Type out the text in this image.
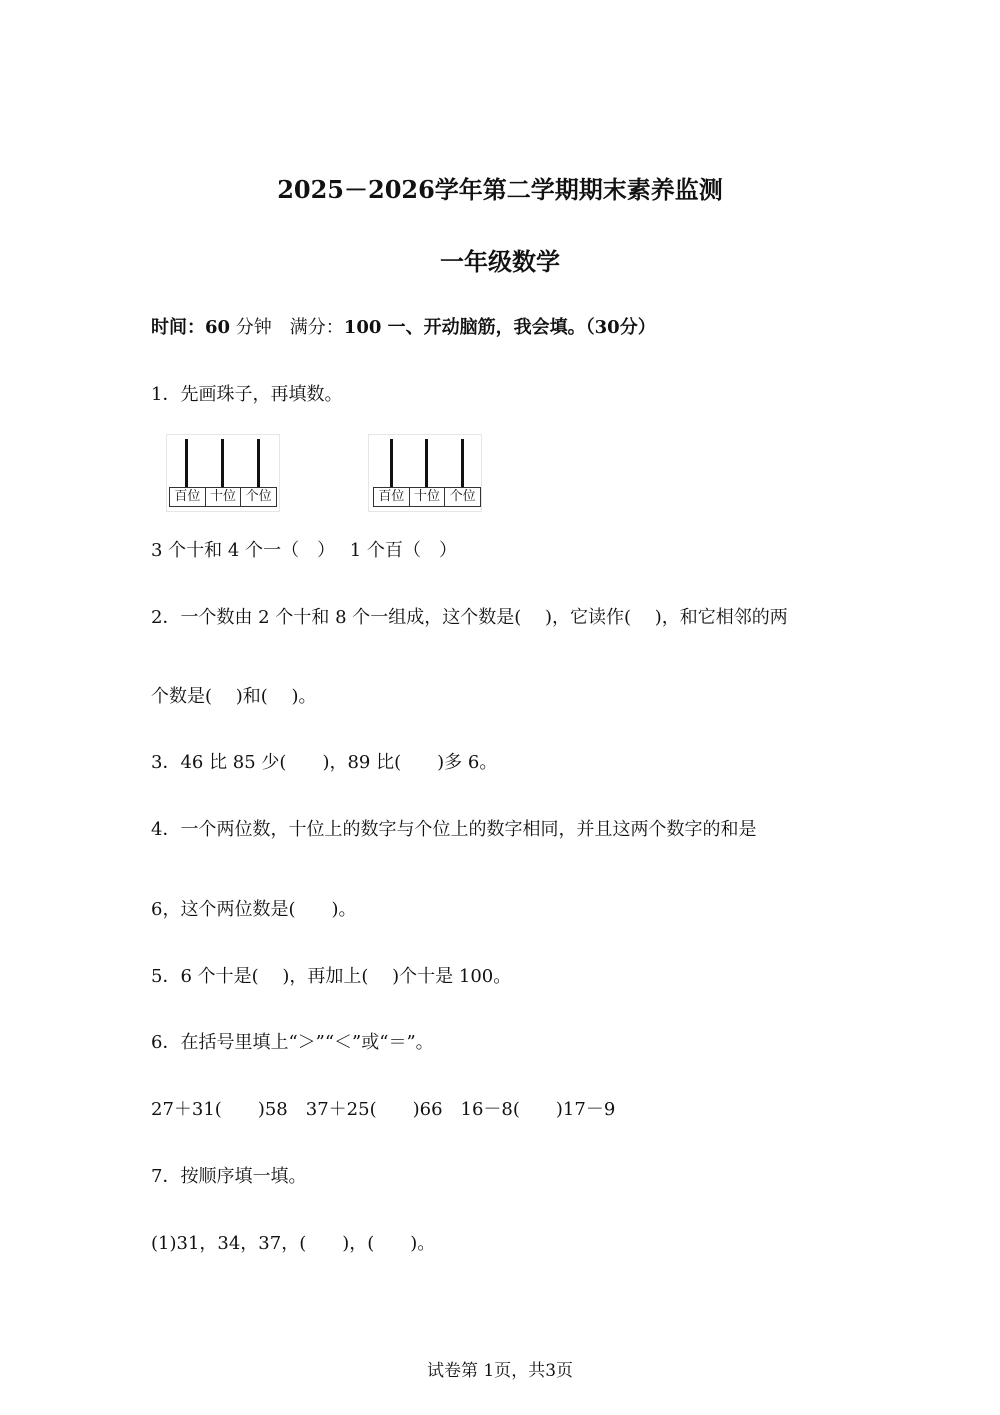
2025－2026学年第二学期期末素养监测
一年级数学
时间：60 分钟　 满分：100 一、开动脑筋，我会填。（30分）
1．先画珠子，再填数。
百位 十位 个位	百位 十位 个位
3 个十和 4 个一（　）　 1 个百（　）
2．一个数由 2 个十和 8 个一组成，这个数是(　 )，它读作(　 )，和它相邻的两
个数是(　 )和(　 )。
3．46 比 85 少(　　)，89 比(　　)多 6。
4．一个两位数，十位上的数字与个位上的数字相同，并且这两个数字的和是
6，这个两位数是(　　)。
5．6 个十是(　 )，再加上(　 )个十是 100。
6．在括号里填上“＞”“＜”或“＝”。
27＋31(　　)58　37＋25(　　)66　16－8(　　)17－9
7．按顺序填一填。
(1)31，34，37，(　　)，(　　)。
试卷第 1页，共3页
